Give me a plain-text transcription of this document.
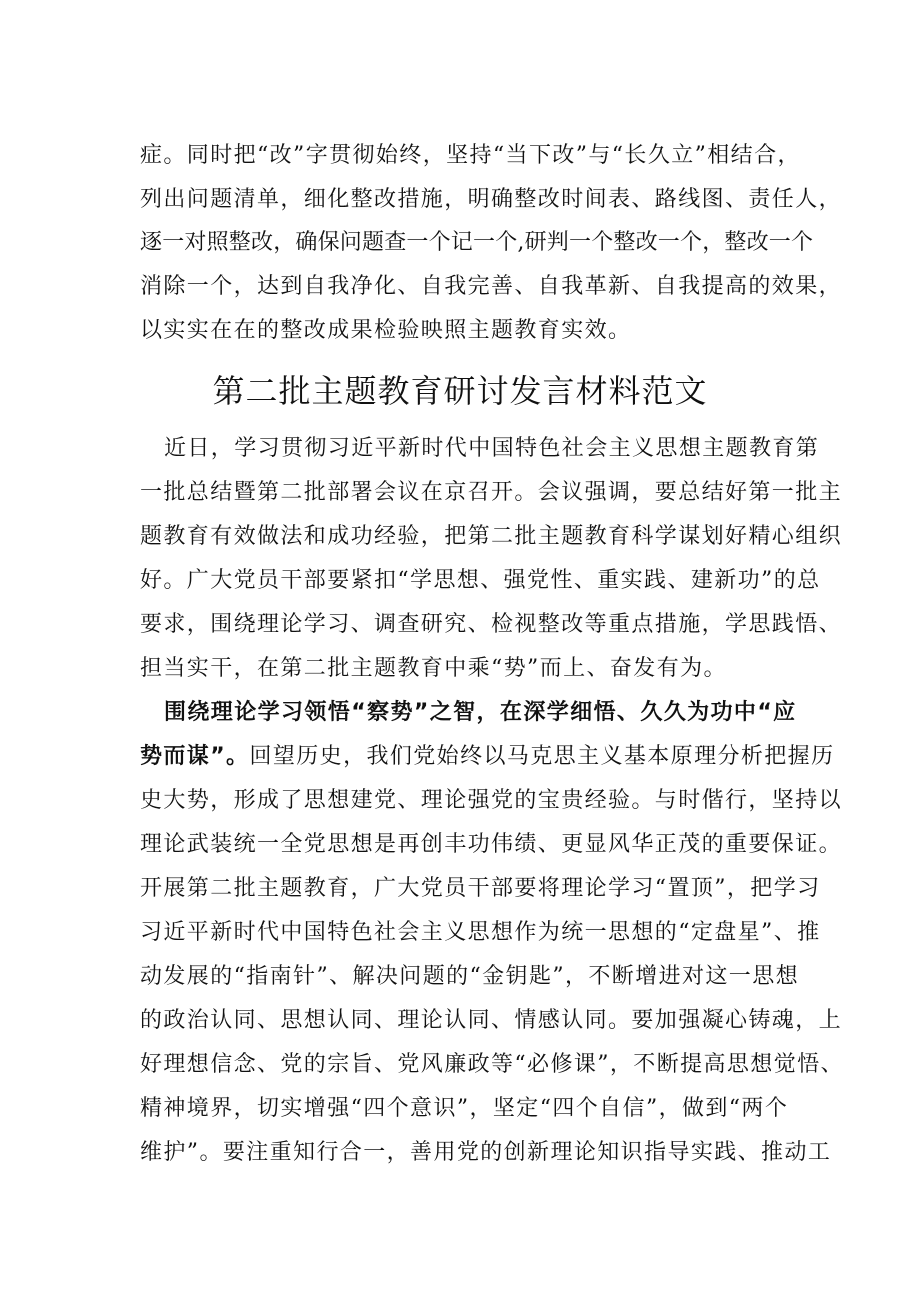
症。同时把“改”字贯彻始终，坚持“当下改”与“长久立”相结合，
列出问题清单，细化整改措施，明确整改时间表、路线图、责任人，
逐一对照整改，确保问题查一个记一个,研判一个整改一个，整改一个
消除一个，达到自我净化、自我完善、自我革新、自我提高的效果，
以实实在在的整改成果检验映照主题教育实效。
第二批主题教育研讨发言材料范文
近日，学习贯彻习近平新时代中国特色社会主义思想主题教育第
一批总结暨第二批部署会议在京召开。会议强调，要总结好第一批主
题教育有效做法和成功经验，把第二批主题教育科学谋划好精心组织
好。广大党员干部要紧扣“学思想、强党性、重实践、建新功”的总
要求，围绕理论学习、调查研究、检视整改等重点措施，学思践悟、
担当实干，在第二批主题教育中乘“势”而上、奋发有为。
围绕理论学习领悟“察势”之智，在深学细悟、久久为功中“应
势而谋”。回望历史，我们党始终以马克思主义基本原理分析把握历
史大势，形成了思想建党、理论强党的宝贵经验。与时偕行，坚持以
理论武装统一全党思想是再创丰功伟绩、更显风华正茂的重要保证。
开展第二批主题教育，广大党员干部要将理论学习“置顶”，把学习
习近平新时代中国特色社会主义思想作为统一思想的“定盘星”、推
动发展的“指南针”、解决问题的“金钥匙”，不断增进对这一思想
的政治认同、思想认同、理论认同、情感认同。要加强凝心铸魂，上
好理想信念、党的宗旨、党风廉政等“必修课”，不断提高思想觉悟、
精神境界，切实增强“四个意识”，坚定“四个自信”，做到“两个
维护”。要注重知行合一，善用党的创新理论知识指导实践、推动工
